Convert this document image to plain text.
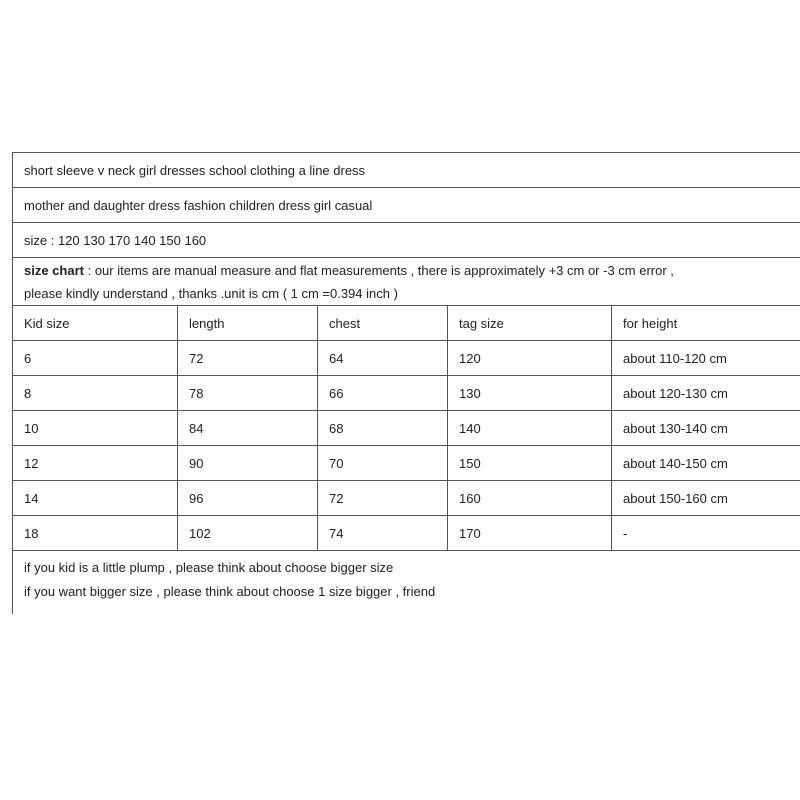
short sleeve v neck girl dresses school clothing a line dress				
mother and daughter dress fashion children dress girl casual				
size : 120 130 170 140 150 160				

size chart : our items are manual measure and flat measurements , there is approximately +3 cm or -3 cm error ,
please kindly understand , thanks .unit is cm ( 1 cm =0.394 inch )				

Kid size	length	chest	tag size	for height
6	72	64	120	about 110-120 cm
8	78	66	130	about 120-130 cm
10	84	68	140	about 130-140 cm
12	90	70	150	about 140-150 cm
14	96	72	160	about 150-160 cm
18	102	74	170	-

if you kid is a little plump , please think about choose bigger size
if you want bigger size , please think about choose 1 size bigger , friend				
